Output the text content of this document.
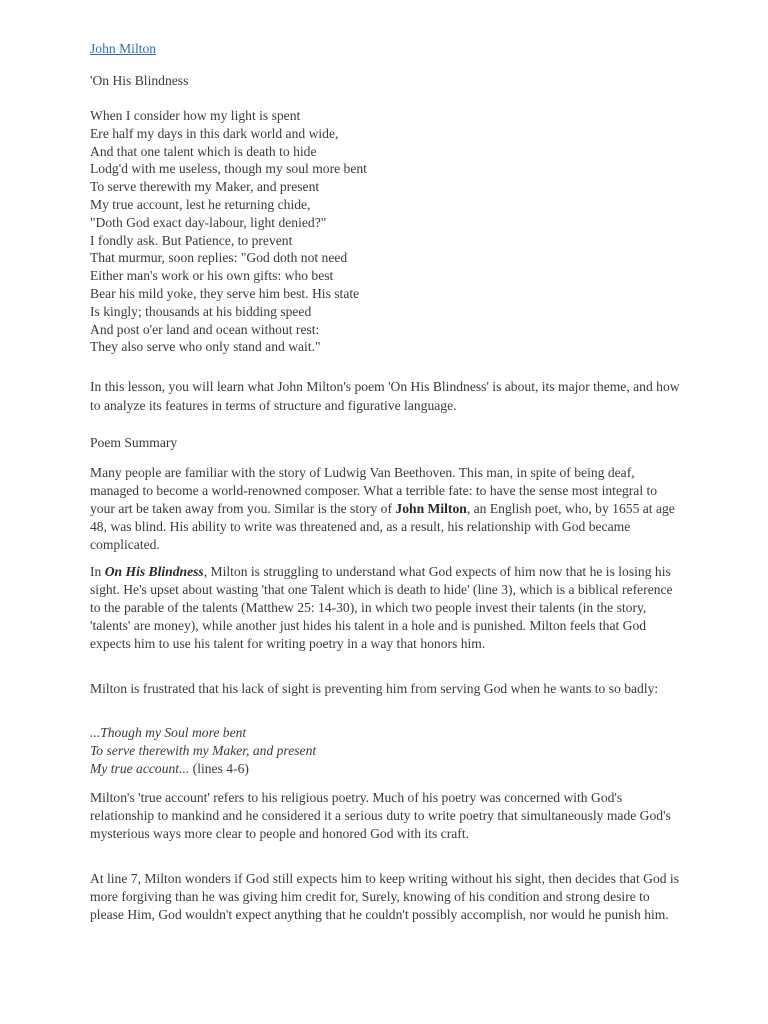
John Milton
'On His Blindness
When I consider how my light is spent
Ere half my days in this dark world and wide,
And that one talent which is death to hide
Lodg'd with me useless, though my soul more bent
To serve therewith my Maker, and present
My true account, lest he returning chide,
"Doth God exact day-labour, light denied?"
I fondly ask. But Patience, to prevent
That murmur, soon replies: "God doth not need
Either man's work or his own gifts: who best
Bear his mild yoke, they serve him best. His state
Is kingly; thousands at his bidding speed
And post o'er land and ocean without rest:
They also serve who only stand and wait."
In this lesson, you will learn what John Milton's poem 'On His Blindness' is about, its major theme, and how to analyze its features in terms of structure and figurative language.
Poem Summary
Many people are familiar with the story of Ludwig Van Beethoven. This man, in spite of being deaf, managed to become a world-renowned composer. What a terrible fate: to have the sense most integral to your art be taken away from you. Similar is the story of John Milton, an English poet, who, by 1655 at age 48, was blind. His ability to write was threatened and, as a result, his relationship with God became complicated.
In On His Blindness, Milton is struggling to understand what God expects of him now that he is losing his sight. He's upset about wasting 'that one Talent which is death to hide' (line 3), which is a biblical reference to the parable of the talents (Matthew 25: 14-30), in which two people invest their talents (in the story, 'talents' are money), while another just hides his talent in a hole and is punished. Milton feels that God expects him to use his talent for writing poetry in a way that honors him.
Milton is frustrated that his lack of sight is preventing him from serving God when he wants to so badly:
...Though my Soul more bent
To serve therewith my Maker, and present
My true account... (lines 4-6)
Milton's 'true account' refers to his religious poetry. Much of his poetry was concerned with God's relationship to mankind and he considered it a serious duty to write poetry that simultaneously made God's mysterious ways more clear to people and honored God with its craft.
At line 7, Milton wonders if God still expects him to keep writing without his sight, then decides that God is more forgiving than he was giving him credit for, Surely, knowing of his condition and strong desire to please Him, God wouldn't expect anything that he couldn't possibly accomplish, nor would he punish him.
